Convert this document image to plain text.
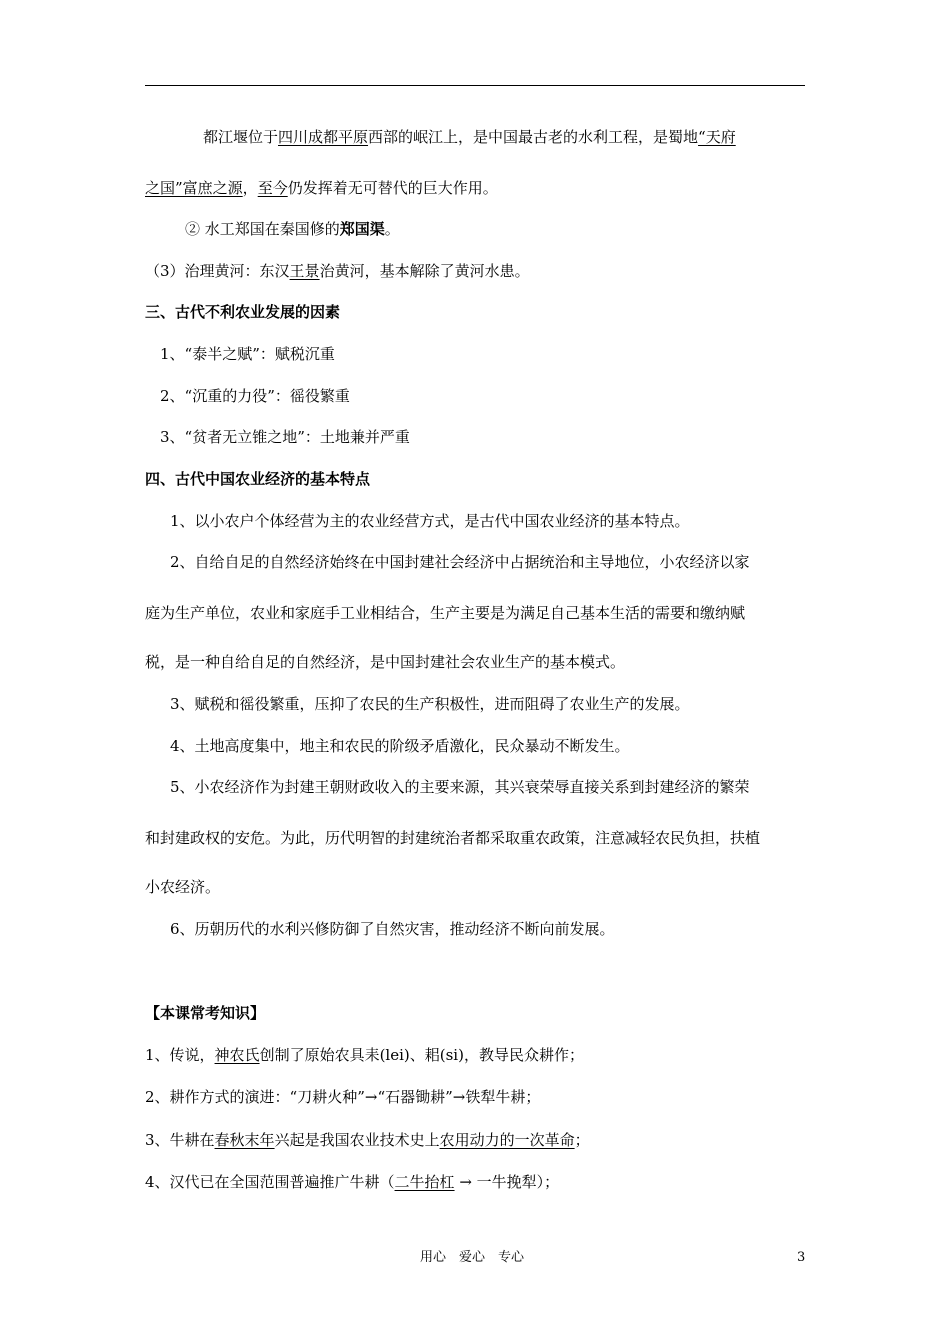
都江堰位于四川成都平原西部的岷江上，是中国最古老的水利工程，是蜀地“天府
之国”富庶之源，至今仍发挥着无可替代的巨大作用。
② 水工郑国在秦国修的郑国渠。
（3）治理黄河：东汉王景治黄河，基本解除了黄河水患。
三、古代不利农业发展的因素
1、“泰半之赋”：赋税沉重
2、“沉重的力役”：徭役繁重
3、“贫者无立锥之地”：土地兼并严重
四、古代中国农业经济的基本特点
1、以小农户个体经营为主的农业经营方式，是古代中国农业经济的基本特点。
2、自给自足的自然经济始终在中国封建社会经济中占据统治和主导地位，小农经济以家
庭为生产单位，农业和家庭手工业相结合，生产主要是为满足自己基本生活的需要和缴纳赋
税，是一种自给自足的自然经济，是中国封建社会农业生产的基本模式。
3、赋税和徭役繁重，压抑了农民的生产积极性，进而阻碍了农业生产的发展。
4、土地高度集中，地主和农民的阶级矛盾激化，民众暴动不断发生。
5、小农经济作为封建王朝财政收入的主要来源，其兴衰荣辱直接关系到封建经济的繁荣
和封建政权的安危。为此，历代明智的封建统治者都采取重农政策，注意减轻农民负担，扶植
小农经济。
6、历朝历代的水利兴修防御了自然灾害，推动经济不断向前发展。
【本课常考知识】
1、传说，神农氏创制了原始农具耒(lei)、耜(si)，教导民众耕作；
2、耕作方式的演进：“刀耕火种”→“石器锄耕”→铁犁牛耕；
3、牛耕在春秋末年兴起是我国农业技术史上农用动力的一次革命；
4、汉代已在全国范围普遍推广牛耕（二牛抬杠 → 一牛挽犁）；
用心　爱心　专心	3
